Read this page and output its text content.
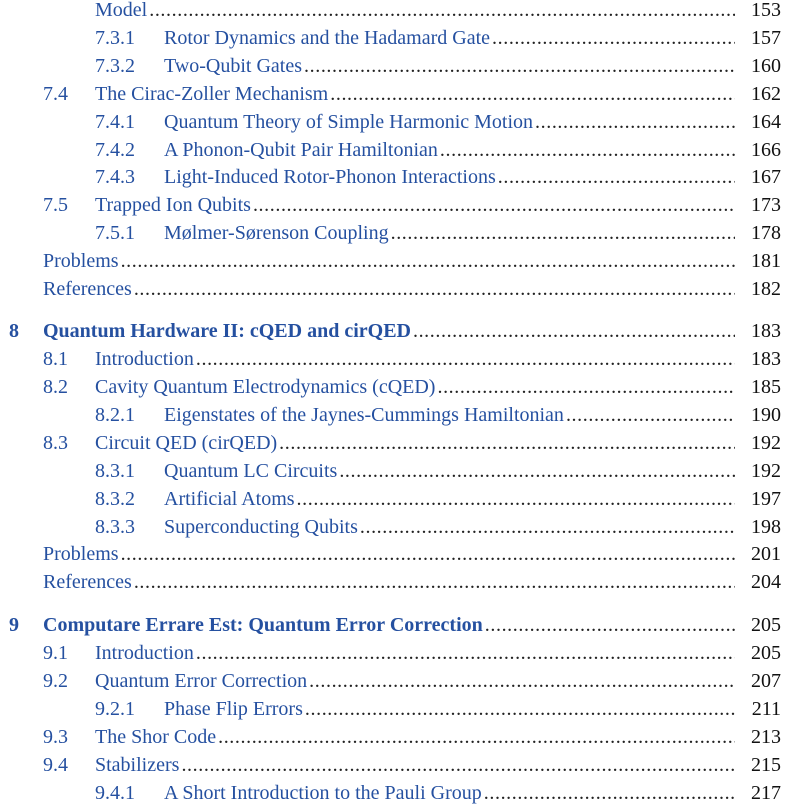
Model . . .	153
7.3.1	Rotor Dynamics and the Hadamard Gate . . .	157
7.3.2	Two-Qubit Gates . . .	160
7.4	The Cirac-Zoller Mechanism . . .	162
7.4.1	Quantum Theory of Simple Harmonic Motion . . .	164
7.4.2	A Phonon-Qubit Pair Hamiltonian . . .	166
7.4.3	Light-Induced Rotor-Phonon Interactions . . .	167
7.5	Trapped Ion Qubits . . .	173
7.5.1	Mølmer-Sørenson Coupling . . .	178
Problems . . .	181
References . . .	182
8 Quantum Hardware II: cQED and cirQED . . .	183
8.1	Introduction . . .	183
8.2	Cavity Quantum Electrodynamics (cQED) . . .	185
8.2.1	Eigenstates of the Jaynes-Cummings Hamiltonian . . .	190
8.3	Circuit QED (cirQED) . . .	192
8.3.1	Quantum LC Circuits . . .	192
8.3.2	Artificial Atoms . . .	197
8.3.3	Superconducting Qubits . . .	198
Problems . . .	201
References . . .	204
9 Computare Errare Est: Quantum Error Correction . . .	205
9.1	Introduction . . .	205
9.2	Quantum Error Correction . . .	207
9.2.1	Phase Flip Errors . . .	211
9.3	The Shor Code . . .	213
9.4	Stabilizers . . .	215
9.4.1	A Short Introduction to the Pauli Group . . .	217
